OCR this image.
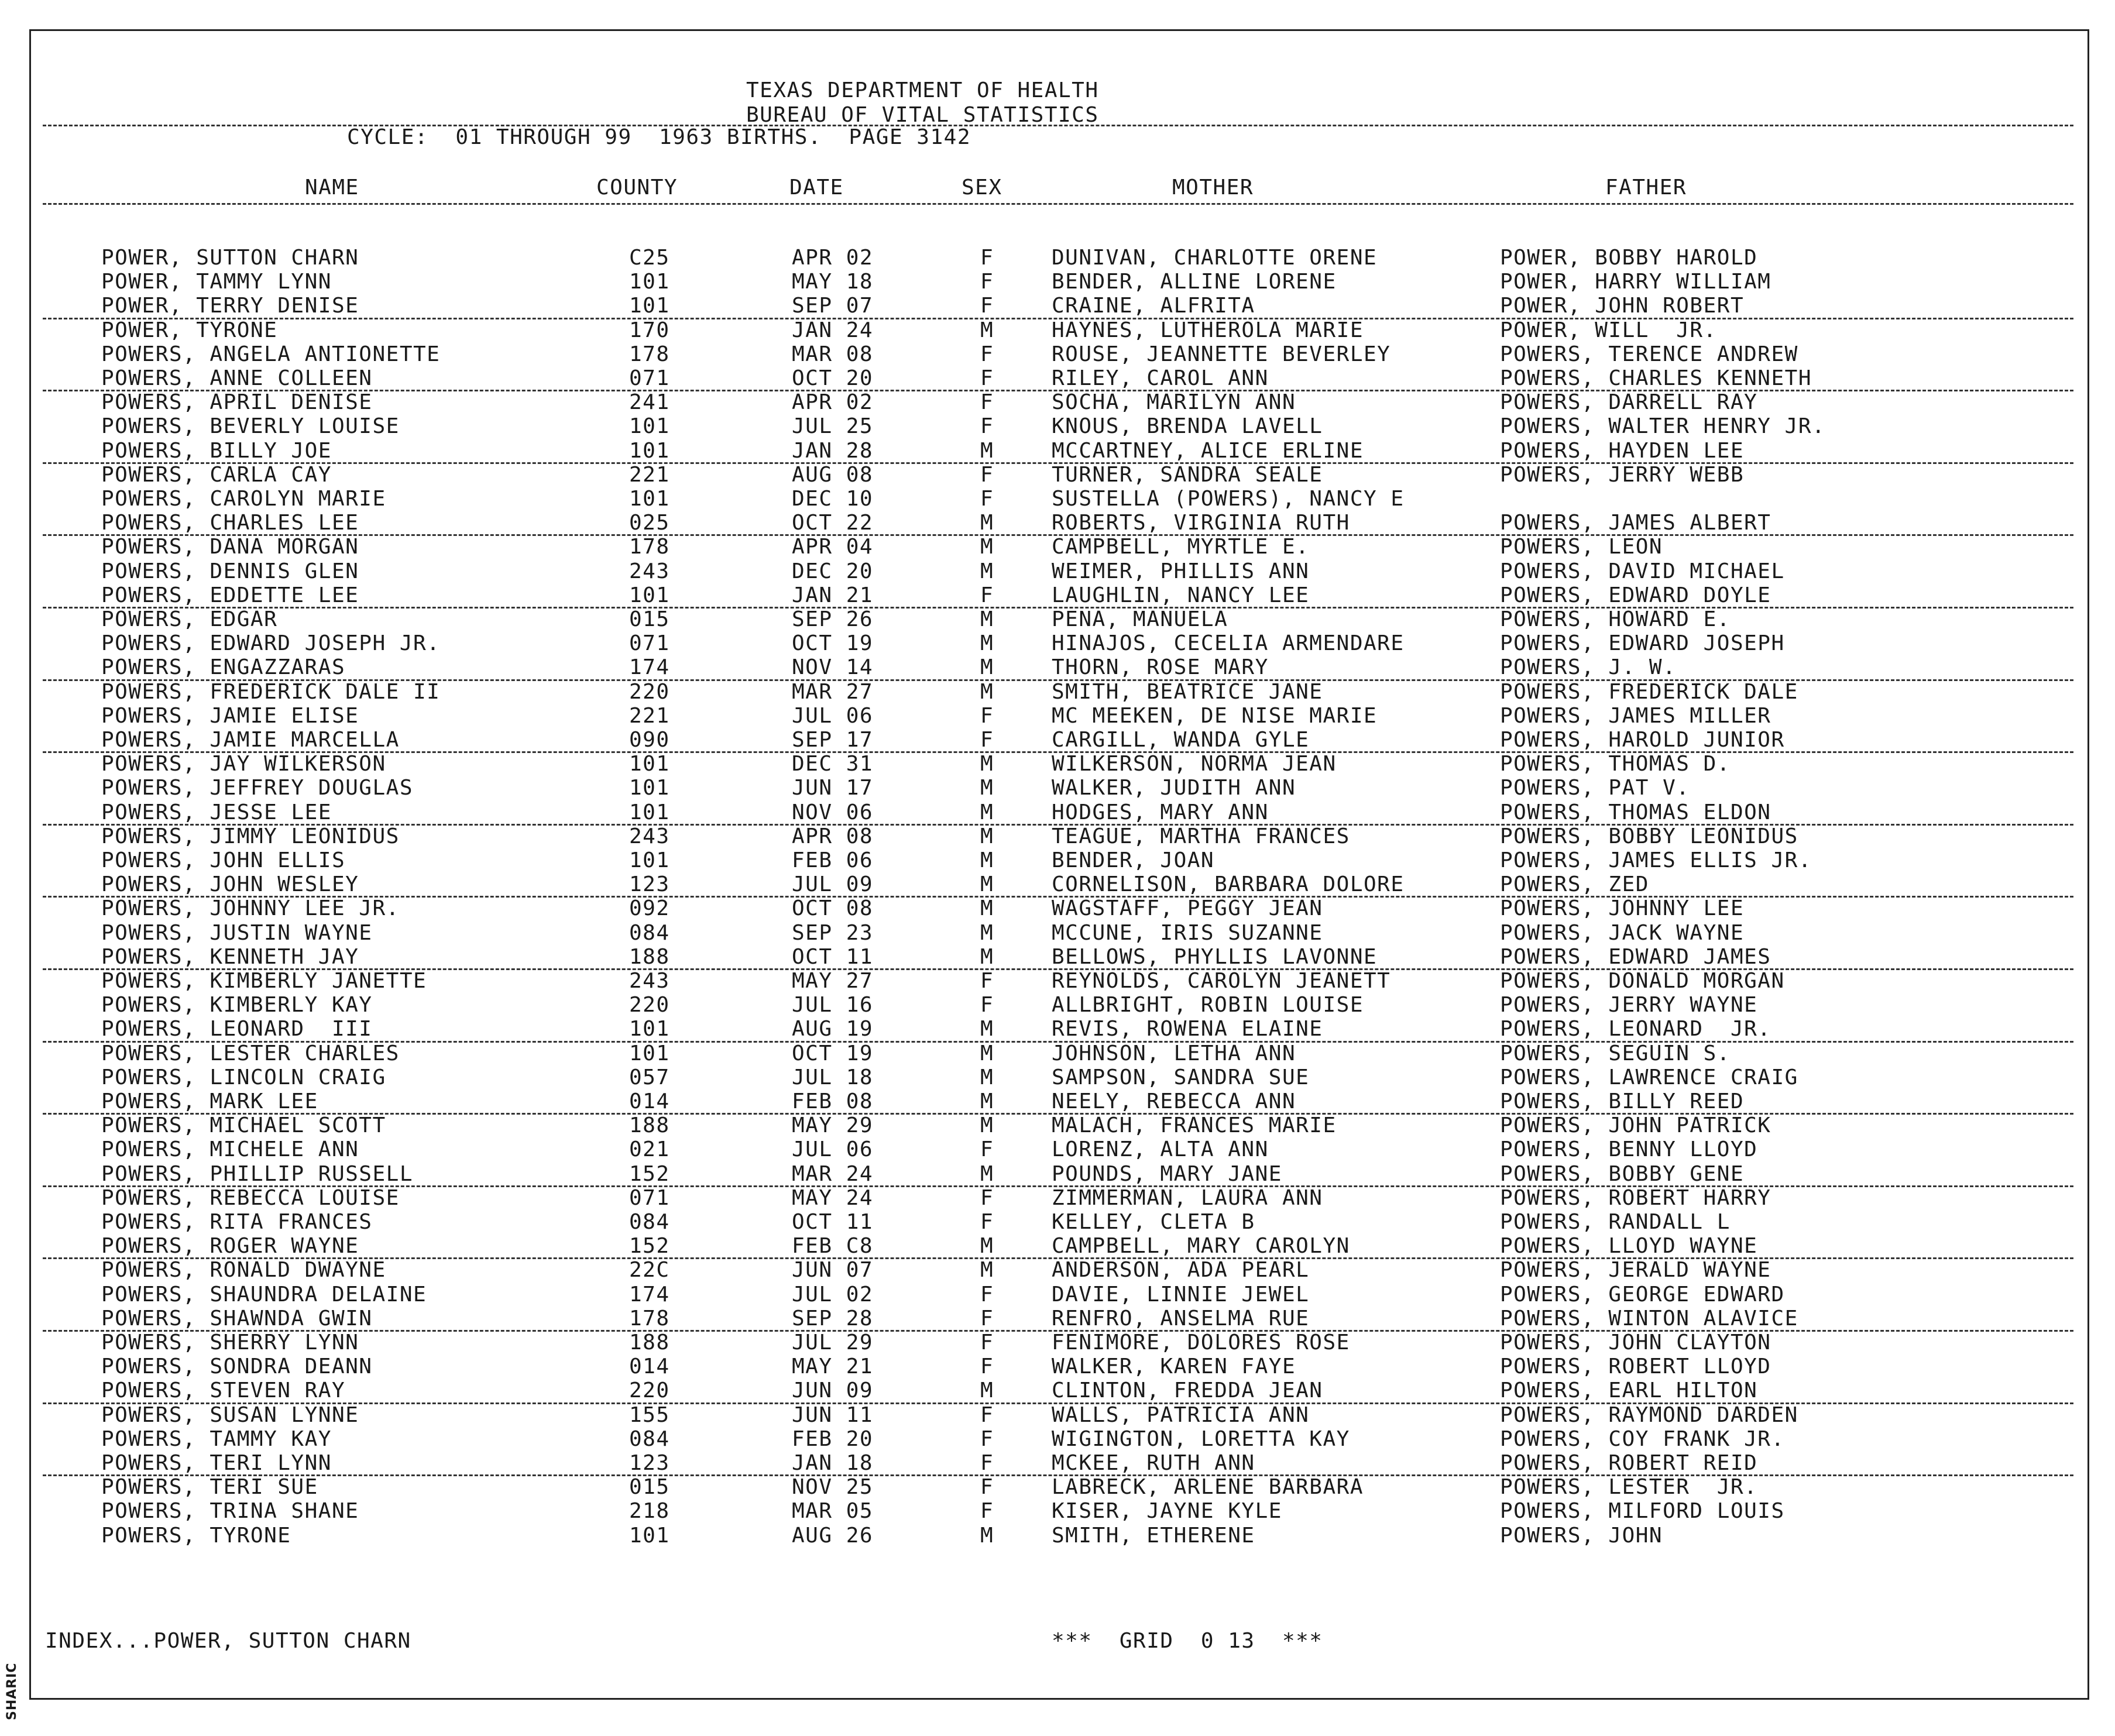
SHARIC
TEXAS DEPARTMENT OF HEALTH
BUREAU OF VITAL STATISTICS
CYCLE:  01 THROUGH 99  1963 BIRTHS.  PAGE 3142
NAME	COUNTY	DATE	SEX	MOTHER	FATHER
POWER, SUTTON CHARN	C25	APR 02	F	DUNIVAN, CHARLOTTE ORENE	POWER, BOBBY HAROLD
POWER, TAMMY LYNN	101	MAY 18	F	BENDER, ALLINE LORENE	POWER, HARRY WILLIAM
POWER, TERRY DENISE	101	SEP 07	F	CRAINE, ALFRITA	POWER, JOHN ROBERT
POWER, TYRONE	170	JAN 24	M	HAYNES, LUTHEROLA MARIE	POWER, WILL  JR.
POWERS, ANGELA ANTIONETTE	178	MAR 08	F	ROUSE, JEANNETTE BEVERLEY	POWERS, TERENCE ANDREW
POWERS, ANNE COLLEEN	071	OCT 20	F	RILEY, CAROL ANN	POWERS, CHARLES KENNETH
POWERS, APRIL DENISE	241	APR 02	F	SOCHA, MARILYN ANN	POWERS, DARRELL RAY
POWERS, BEVERLY LOUISE	101	JUL 25	F	KNOUS, BRENDA LAVELL	POWERS, WALTER HENRY JR.
POWERS, BILLY JOE	101	JAN 28	M	MCCARTNEY, ALICE ERLINE	POWERS, HAYDEN LEE
POWERS, CARLA CAY	221	AUG 08	F	TURNER, SANDRA SEALE	POWERS, JERRY WEBB
POWERS, CAROLYN MARIE	101	DEC 10	F	SUSTELLA (POWERS), NANCY E
POWERS, CHARLES LEE	025	OCT 22	M	ROBERTS, VIRGINIA RUTH	POWERS, JAMES ALBERT
POWERS, DANA MORGAN	178	APR 04	M	CAMPBELL, MYRTLE E.	POWERS, LEON
POWERS, DENNIS GLEN	243	DEC 20	M	WEIMER, PHILLIS ANN	POWERS, DAVID MICHAEL
POWERS, EDDETTE LEE	101	JAN 21	F	LAUGHLIN, NANCY LEE	POWERS, EDWARD DOYLE
POWERS, EDGAR	015	SEP 26	M	PENA, MANUELA	POWERS, HOWARD E.
POWERS, EDWARD JOSEPH JR.	071	OCT 19	M	HINAJOS, CECELIA ARMENDARE	POWERS, EDWARD JOSEPH
POWERS, ENGAZZARAS	174	NOV 14	M	THORN, ROSE MARY	POWERS, J. W.
POWERS, FREDERICK DALE II	220	MAR 27	M	SMITH, BEATRICE JANE	POWERS, FREDERICK DALE
POWERS, JAMIE ELISE	221	JUL 06	F	MC MEEKEN, DE NISE MARIE	POWERS, JAMES MILLER
POWERS, JAMIE MARCELLA	090	SEP 17	F	CARGILL, WANDA GYLE	POWERS, HAROLD JUNIOR
POWERS, JAY WILKERSON	101	DEC 31	M	WILKERSON, NORMA JEAN	POWERS, THOMAS D.
POWERS, JEFFREY DOUGLAS	101	JUN 17	M	WALKER, JUDITH ANN	POWERS, PAT V.
POWERS, JESSE LEE	101	NOV 06	M	HODGES, MARY ANN	POWERS, THOMAS ELDON
POWERS, JIMMY LEONIDUS	243	APR 08	M	TEAGUE, MARTHA FRANCES	POWERS, BOBBY LEONIDUS
POWERS, JOHN ELLIS	101	FEB 06	M	BENDER, JOAN	POWERS, JAMES ELLIS JR.
POWERS, JOHN WESLEY	123	JUL 09	M	CORNELISON, BARBARA DOLORE	POWERS, ZED
POWERS, JOHNNY LEE JR.	092	OCT 08	M	WAGSTAFF, PEGGY JEAN	POWERS, JOHNNY LEE
POWERS, JUSTIN WAYNE	084	SEP 23	M	MCCUNE, IRIS SUZANNE	POWERS, JACK WAYNE
POWERS, KENNETH JAY	188	OCT 11	M	BELLOWS, PHYLLIS LAVONNE	POWERS, EDWARD JAMES
POWERS, KIMBERLY JANETTE	243	MAY 27	F	REYNOLDS, CAROLYN JEANETT	POWERS, DONALD MORGAN
POWERS, KIMBERLY KAY	220	JUL 16	F	ALLBRIGHT, ROBIN LOUISE	POWERS, JERRY WAYNE
POWERS, LEONARD  III	101	AUG 19	M	REVIS, ROWENA ELAINE	POWERS, LEONARD  JR.
POWERS, LESTER CHARLES	101	OCT 19	M	JOHNSON, LETHA ANN	POWERS, SEGUIN S.
POWERS, LINCOLN CRAIG	057	JUL 18	M	SAMPSON, SANDRA SUE	POWERS, LAWRENCE CRAIG
POWERS, MARK LEE	014	FEB 08	M	NEELY, REBECCA ANN	POWERS, BILLY REED
POWERS, MICHAEL SCOTT	188	MAY 29	M	MALACH, FRANCES MARIE	POWERS, JOHN PATRICK
POWERS, MICHELE ANN	021	JUL 06	F	LORENZ, ALTA ANN	POWERS, BENNY LLOYD
POWERS, PHILLIP RUSSELL	152	MAR 24	M	POUNDS, MARY JANE	POWERS, BOBBY GENE
POWERS, REBECCA LOUISE	071	MAY 24	F	ZIMMERMAN, LAURA ANN	POWERS, ROBERT HARRY
POWERS, RITA FRANCES	084	OCT 11	F	KELLEY, CLETA B	POWERS, RANDALL L
POWERS, ROGER WAYNE	152	FEB C8	M	CAMPBELL, MARY CAROLYN	POWERS, LLOYD WAYNE
POWERS, RONALD DWAYNE	22C	JUN 07	M	ANDERSON, ADA PEARL	POWERS, JERALD WAYNE
POWERS, SHAUNDRA DELAINE	174	JUL 02	F	DAVIE, LINNIE JEWEL	POWERS, GEORGE EDWARD
POWERS, SHAWNDA GWIN	178	SEP 28	F	RENFRO, ANSELMA RUE	POWERS, WINTON ALAVICE
POWERS, SHERRY LYNN	188	JUL 29	F	FENIMORE, DOLORES ROSE	POWERS, JOHN CLAYTON
POWERS, SONDRA DEANN	014	MAY 21	F	WALKER, KAREN FAYE	POWERS, ROBERT LLOYD
POWERS, STEVEN RAY	220	JUN 09	M	CLINTON, FREDDA JEAN	POWERS, EARL HILTON
POWERS, SUSAN LYNNE	155	JUN 11	F	WALLS, PATRICIA ANN	POWERS, RAYMOND DARDEN
POWERS, TAMMY KAY	084	FEB 20	F	WIGINGTON, LORETTA KAY	POWERS, COY FRANK JR.
POWERS, TERI LYNN	123	JAN 18	F	MCKEE, RUTH ANN	POWERS, ROBERT REID
POWERS, TERI SUE	015	NOV 25	F	LABRECK, ARLENE BARBARA	POWERS, LESTER  JR.
POWERS, TRINA SHANE	218	MAR 05	F	KISER, JAYNE KYLE	POWERS, MILFORD LOUIS
POWERS, TYRONE	101	AUG 26	M	SMITH, ETHERENE	POWERS, JOHN
INDEX...POWER, SUTTON CHARN	***  GRID  0 13  ***
